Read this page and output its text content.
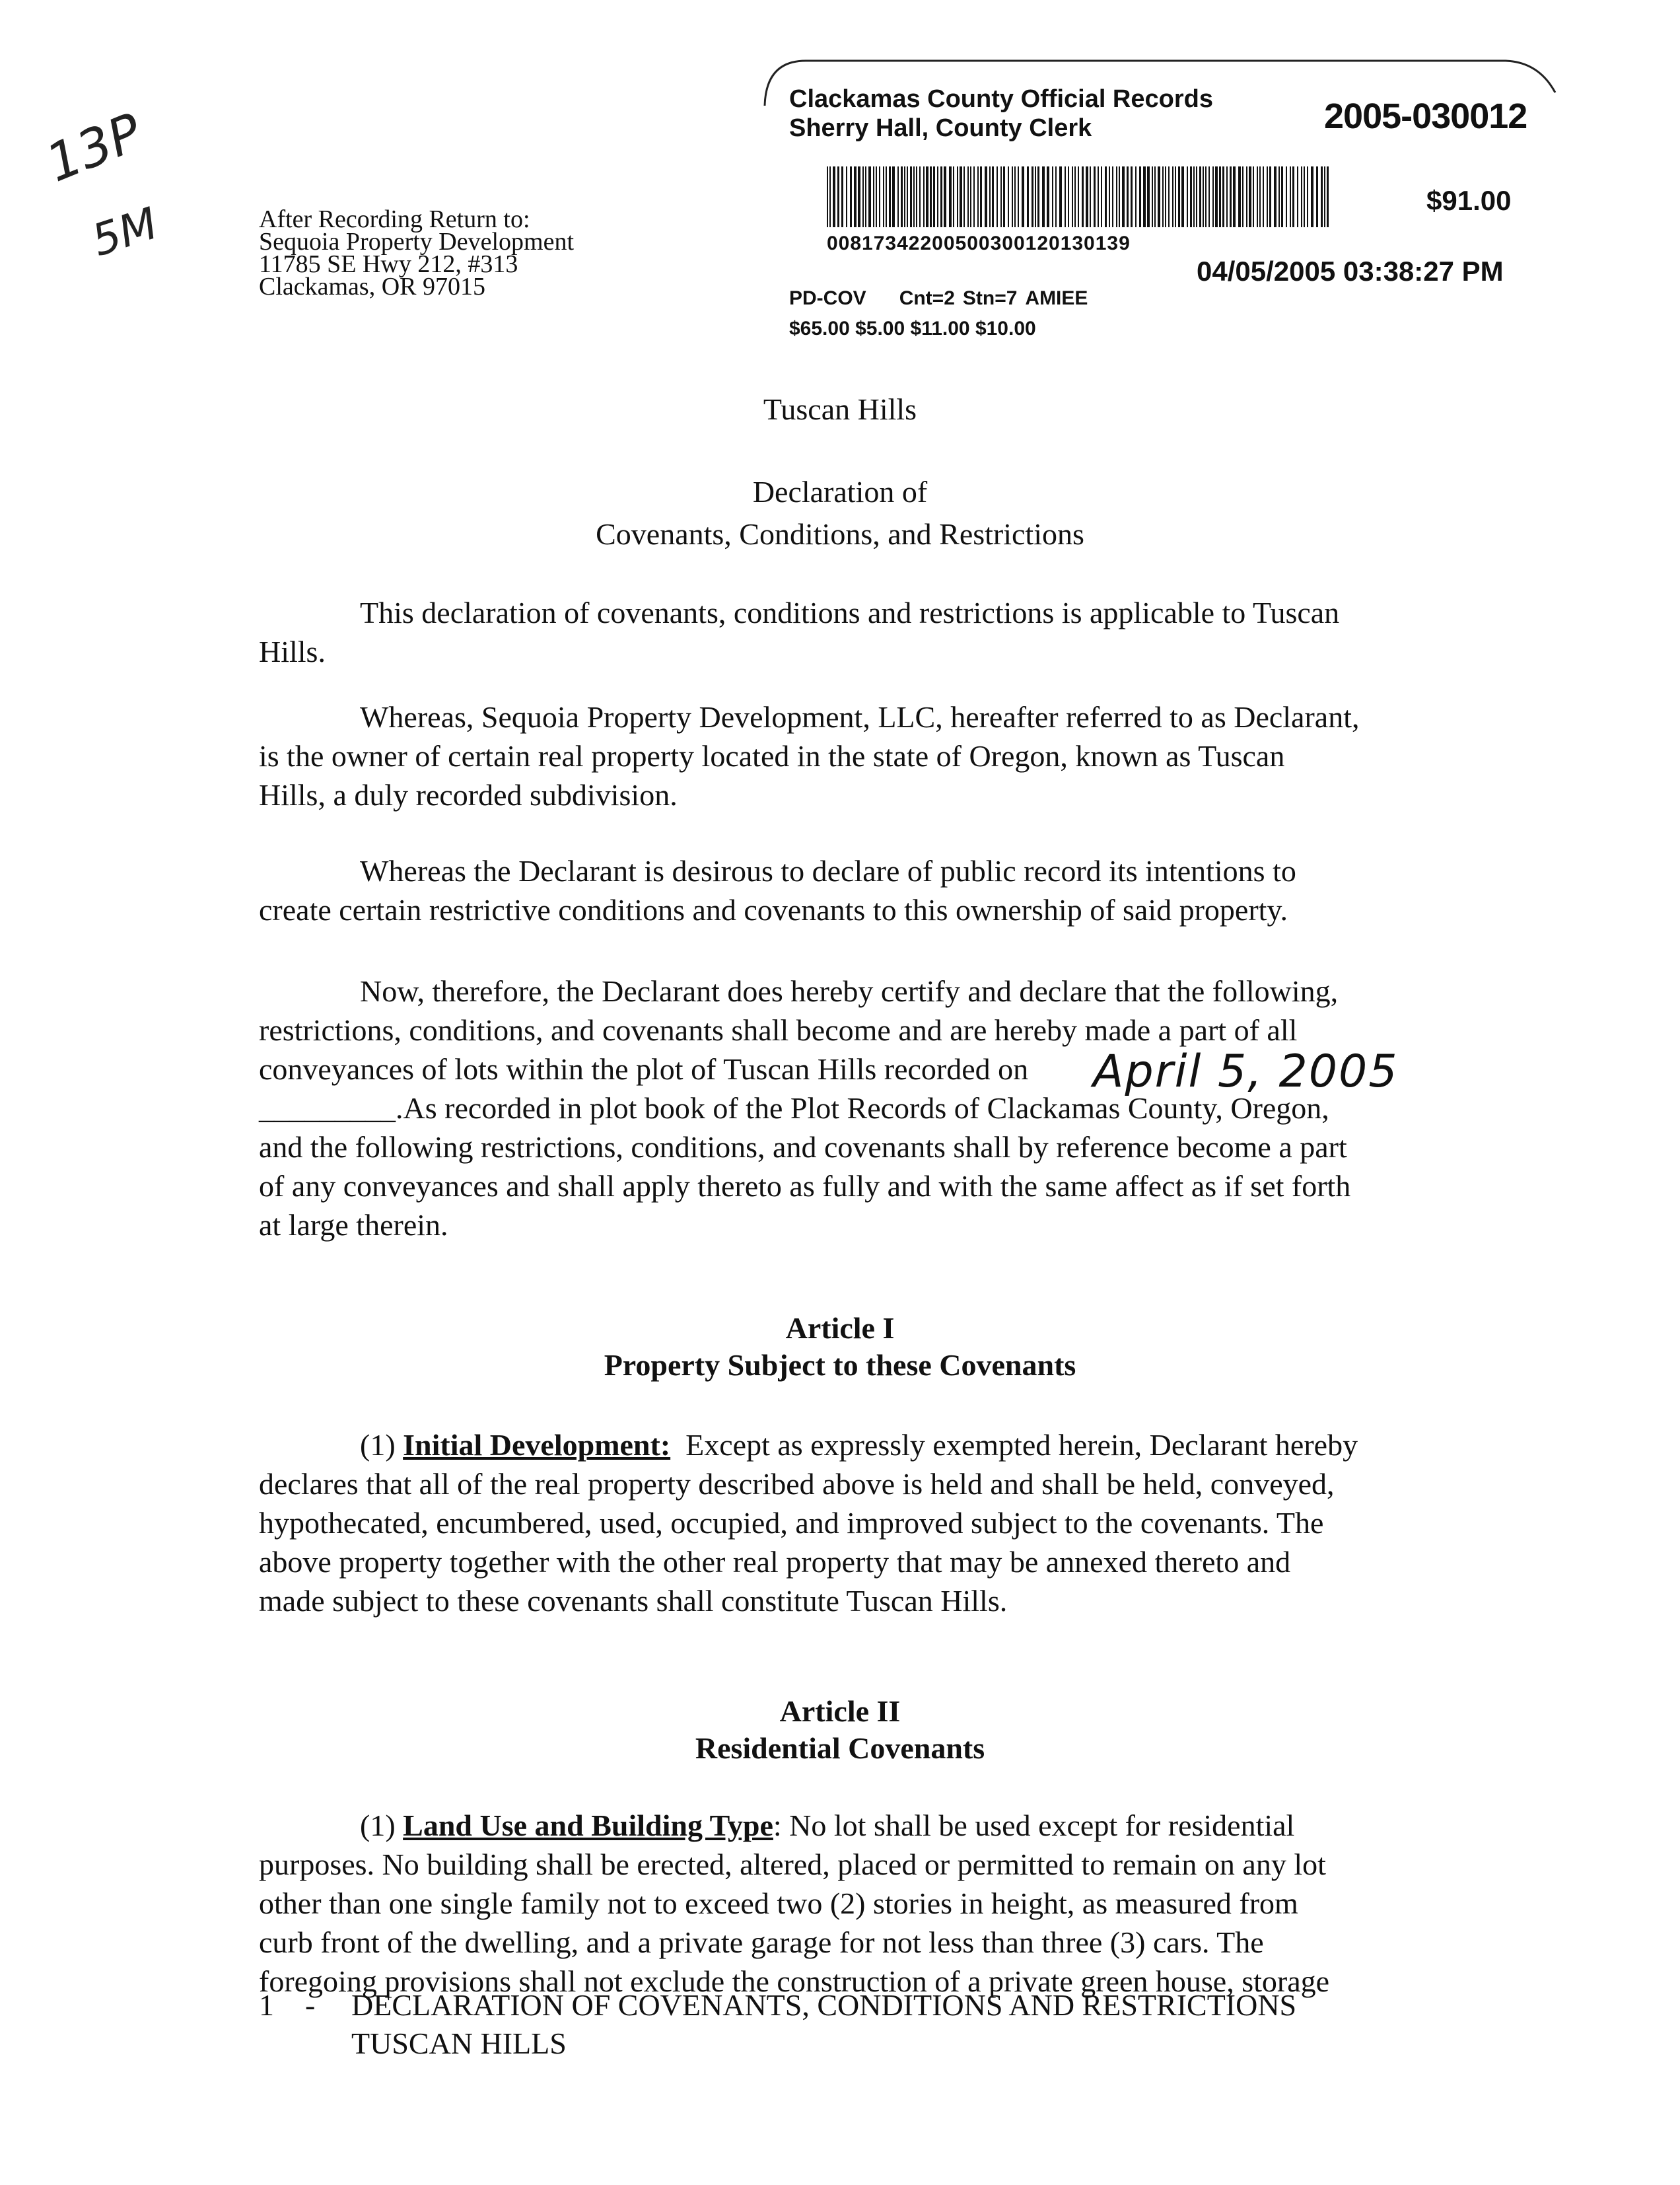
13P
5M	After Recording Return to:
Sequoia Property Development
11785 SE Hwy 212, #313
Clackamas, OR 97015
Clackamas County Official Records
Sherry Hall, County Clerk	2005-030012
00817342200500300120130139
$91.00
04/05/2005 03:38:27 PM
PD-COV Cnt=2 Stn=7 AMIEE
$65.00 $5.00 $11.00 $10.00
Tuscan Hills
Declaration of
Covenants, Conditions, and Restrictions
This declaration of covenants, conditions and restrictions is applicable to Tuscan
Hills.
Whereas, Sequoia Property Development, LLC, hereafter referred to as Declarant,
is the owner of certain real property located in the state of Oregon, known as Tuscan
Hills, a duly recorded subdivision.
Whereas the Declarant is desirous to declare of public record its intentions to
create certain restrictive conditions and covenants to this ownership of said property.
Now, therefore, the Declarant does hereby certify and declare that the following,
restrictions, conditions, and covenants shall become and are hereby made a part of all
conveyances of lots within the plot of Tuscan Hills recorded on
_________.As recorded in plot book of the Plot Records of Clackamas County, Oregon,
and the following restrictions, conditions, and covenants shall by reference become a part
of any conveyances and shall apply thereto as fully and with the same affect as if set forth
at large therein.
April 5, 2005
Article I
Property Subject to these Covenants
(1) Initial Development: Except as expressly exempted herein, Declarant hereby
declares that all of the real property described above is held and shall be held, conveyed,
hypothecated, encumbered, used, occupied, and improved subject to the covenants. The
above property together with the other real property that may be annexed thereto and
made subject to these covenants shall constitute Tuscan Hills.
Article II
Residential Covenants
(1) Land Use and Building Type: No lot shall be used except for residential
purposes. No building shall be erected, altered, placed or permitted to remain on any lot
other than one single family not to exceed two (2) stories in height, as measured from
curb front of the dwelling, and a private garage for not less than three (3) cars. The
foregoing provisions shall not exclude the construction of a private green house, storage
1 - DECLARATION OF COVENANTS, CONDITIONS AND RESTRICTIONS
TUSCAN HILLS
